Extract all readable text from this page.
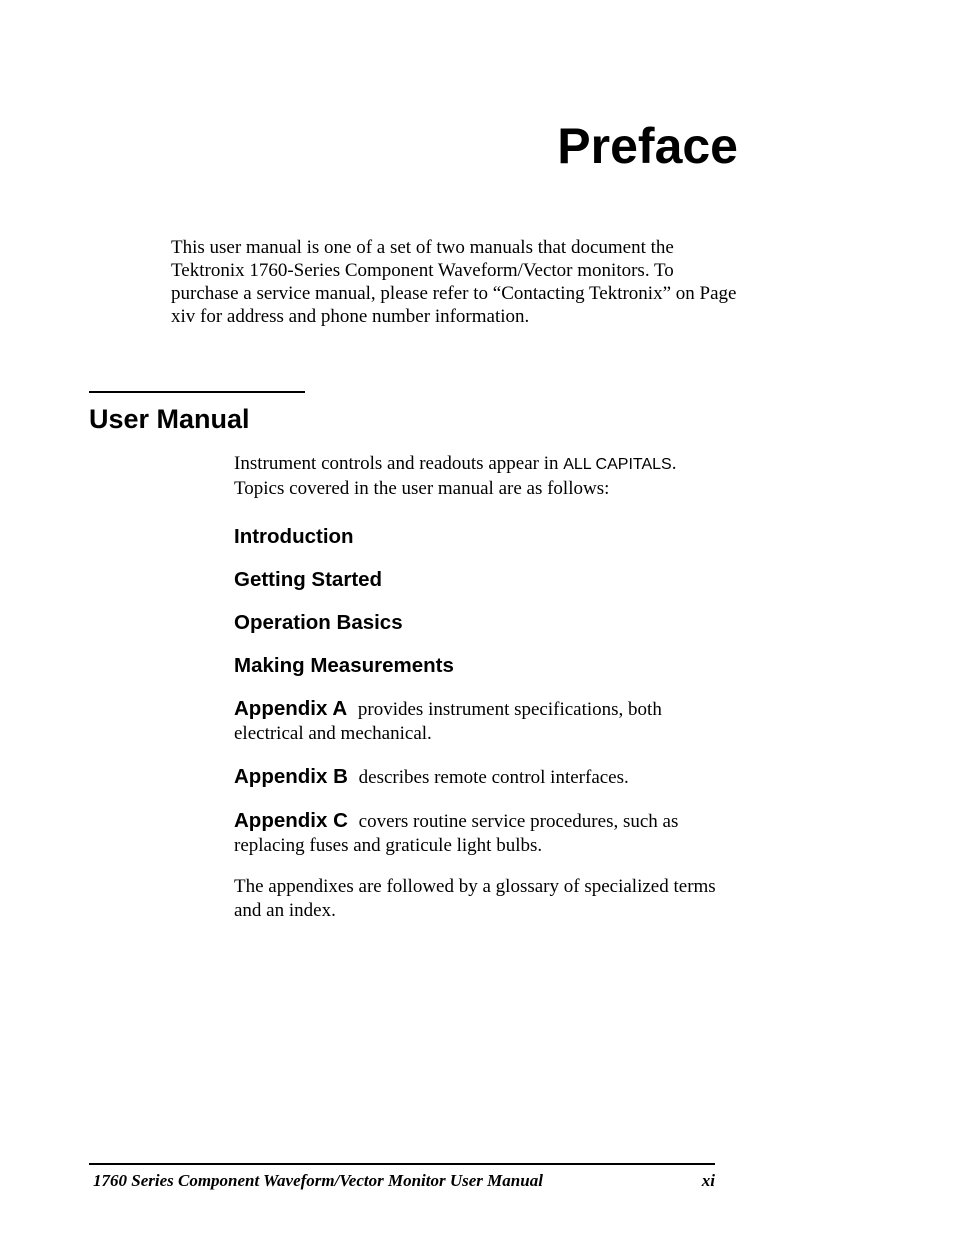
Preface

This user manual is one of a set of two manuals that document the Tektronix 1760-Series Component Waveform/Vector monitors. To purchase a service manual, please refer to “Contacting Tektronix” on Page xiv for address and phone number information.

User Manual

Instrument controls and readouts appear in ALL CAPITALS.
Topics covered in the user manual are as follows:

Introduction
Getting Started
Operation Basics
Making Measurements

Appendix A provides instrument specifications, both electrical and mechanical.

Appendix B describes remote control interfaces.

Appendix C covers routine service procedures, such as replacing fuses and graticule light bulbs.

The appendixes are followed by a glossary of specialized terms and an index.

1760 Series Component Waveform/Vector Monitor User Manual	xi
